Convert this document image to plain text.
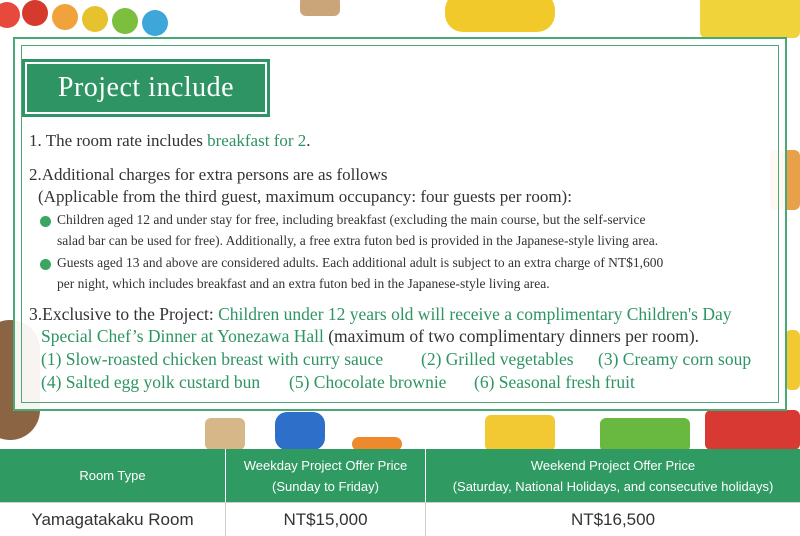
Project include
1. The room rate includes breakfast for 2.
2.Additional charges for extra persons are as follows
(Applicable from the third guest, maximum occupancy: four guests per room):
Children aged 12 and under stay for free, including breakfast (excluding the main course, but the self-service
salad bar can be used for free). Additionally, a free extra futon bed is provided in the Japanese-style living area.
Guests aged 13 and above are considered adults. Each additional adult is subject to an extra charge of NT$1,600
per night, which includes breakfast and an extra futon bed in the Japanese-style living area.
3.Exclusive to the Project: Children under 12 years old will receive a complimentary Children's Day
Special Chef’s Dinner at Yonezawa Hall (maximum of two complimentary dinners per room).
(1) Slow-roasted chicken breast with curry sauce (2) Grilled vegetables (3) Creamy corn soup
(4) Salted egg yolk custard bun (5) Chocolate brownie (6) Seasonal fresh fruit
Room Type
Weekday Project Offer Price
(Sunday to Friday)
Weekend Project Offer Price
(Saturday, National Holidays, and consecutive holidays)
Yamagatakaku Room	NT$15,000	NT$16,500
